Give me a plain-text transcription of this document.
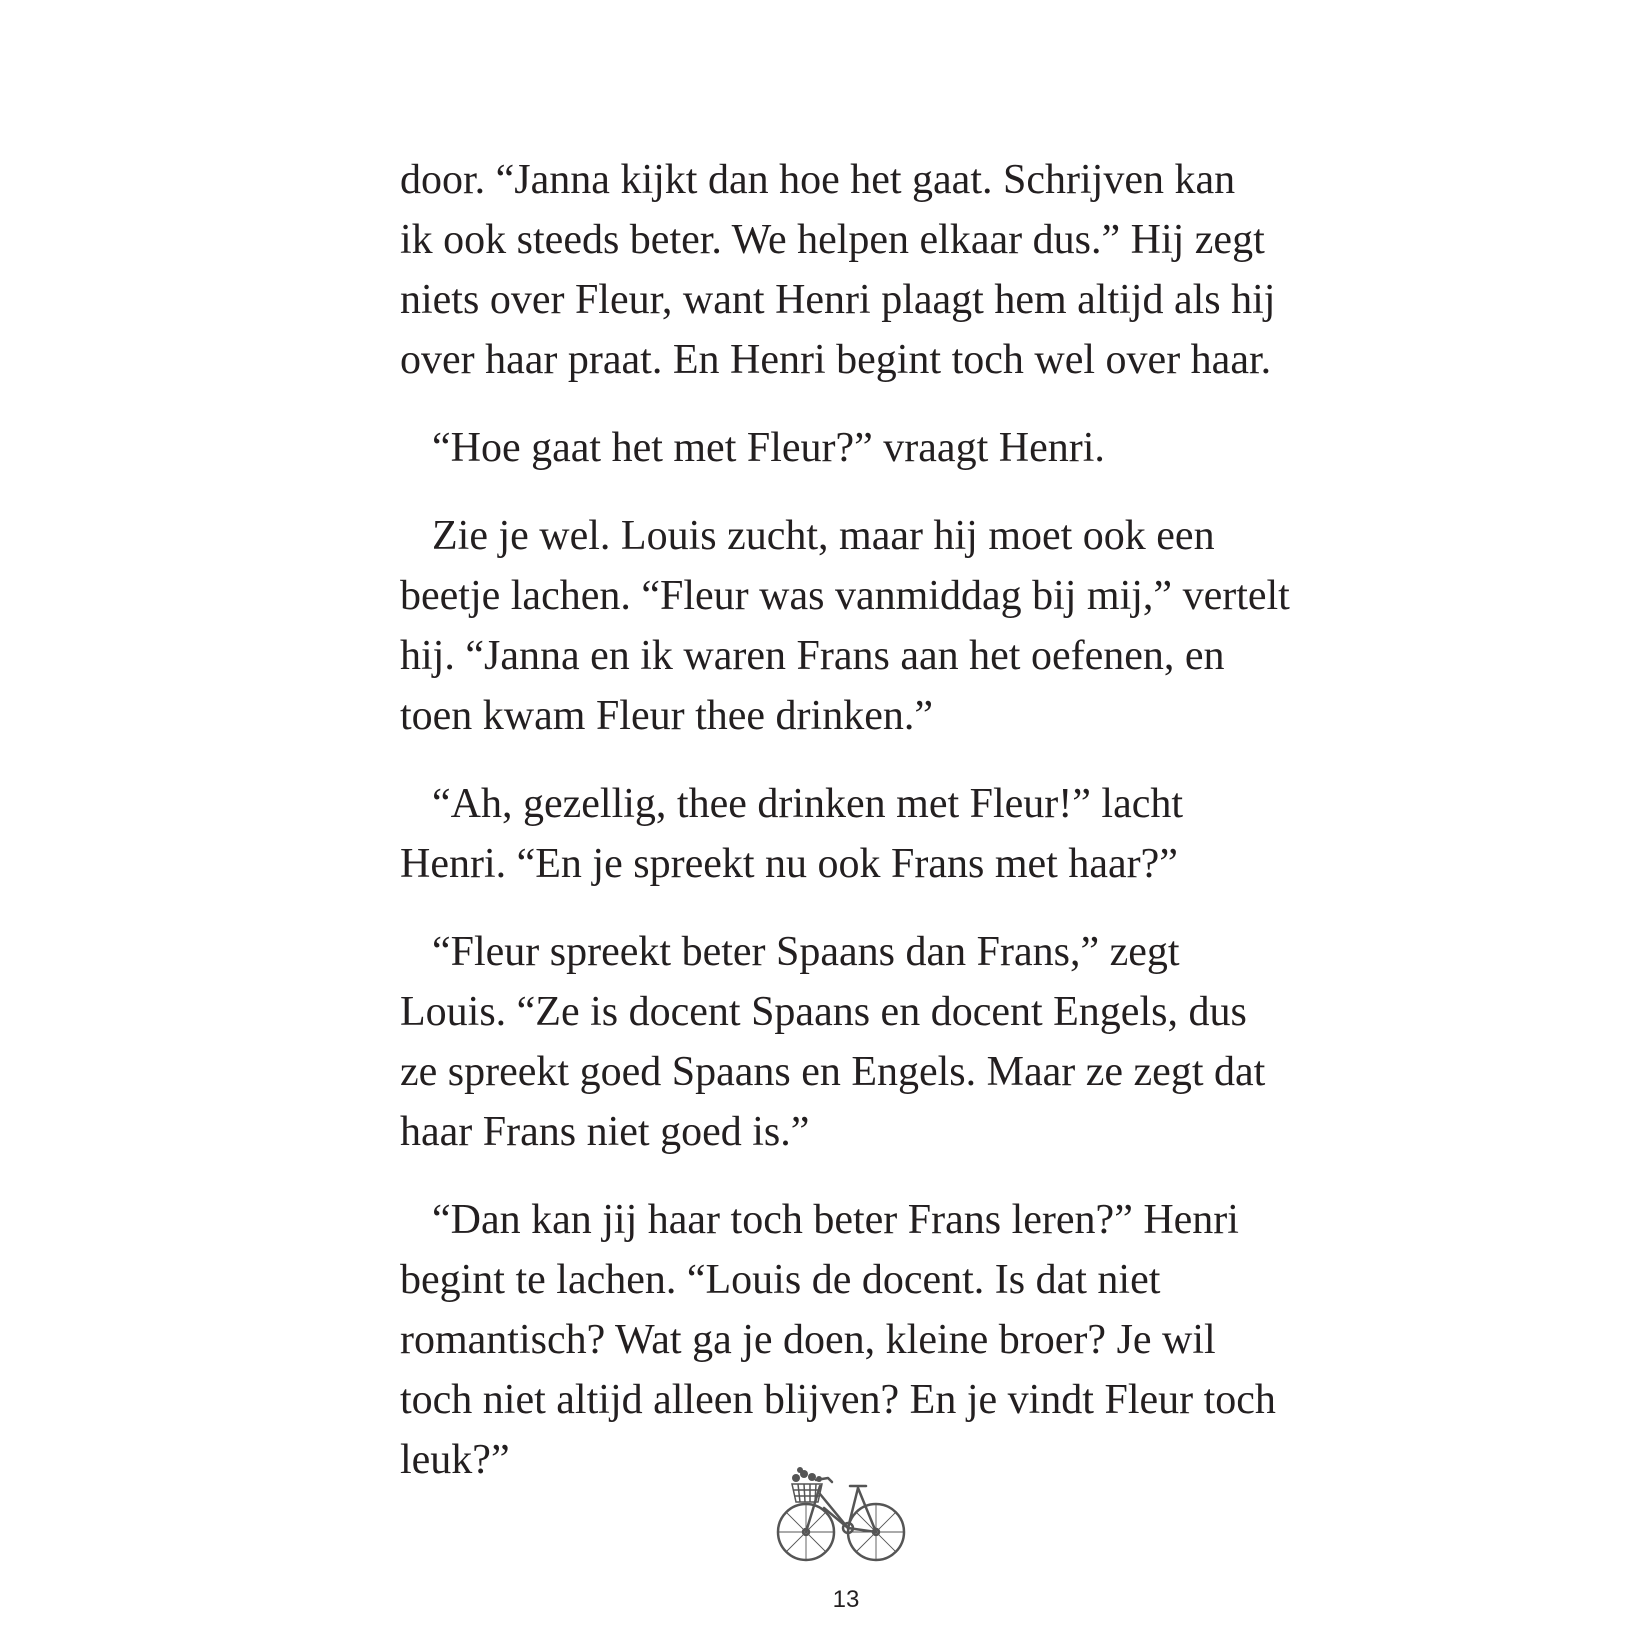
door. “Janna kijkt dan hoe het gaat. Schrijven kan
ik ook steeds beter. We helpen elkaar dus.” Hij zegt
niets over Fleur, want Henri plaagt hem altijd als hij
over haar praat. En Henri begint toch wel over haar.
“Hoe gaat het met Fleur?” vraagt Henri.
Zie je wel. Louis zucht, maar hij moet ook een
beetje lachen. “Fleur was vanmiddag bij mij,” vertelt
hij. “Janna en ik waren Frans aan het oefenen, en
toen kwam Fleur thee drinken.”
“Ah, gezellig, thee drinken met Fleur!” lacht
Henri. “En je spreekt nu ook Frans met haar?”
“Fleur spreekt beter Spaans dan Frans,” zegt
Louis. “Ze is docent Spaans en docent Engels, dus
ze spreekt goed Spaans en Engels. Maar ze zegt dat
haar Frans niet goed is.”
“Dan kan jij haar toch beter Frans leren?” Henri
begint te lachen. “Louis de docent. Is dat niet
romantisch? Wat ga je doen, kleine broer? Je wil
toch niet altijd alleen blijven? En je vindt Fleur toch
leuk?”
13
